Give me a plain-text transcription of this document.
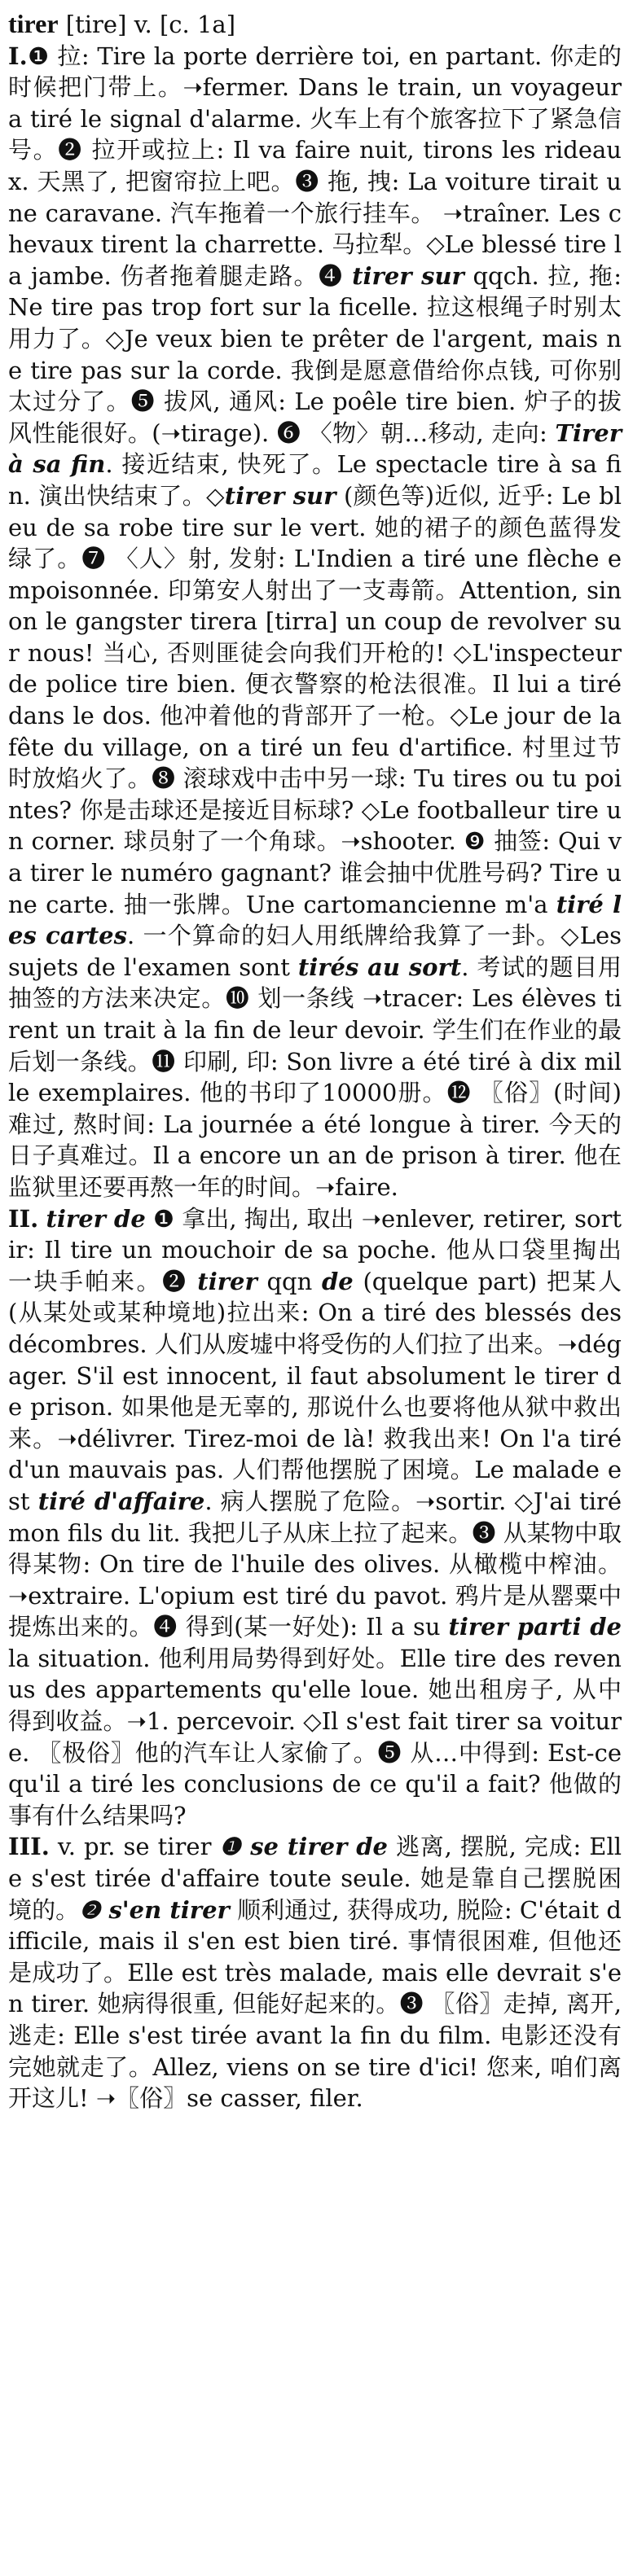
tirer [tire] v. [c. 1a]
I.❶ 拉: Tire la porte derrière toi, en partant. 你走的时候把门带上。➝fermer. Dans le train, un voyageur a tiré le signal d'alarme. 火车上有个旅客拉下了紧急信号。❷ 拉开或拉上: Il va faire nuit, tirons les rideaux. 天黑了, 把窗帘拉上吧。❸ 拖, 拽: La voiture tirait une caravane. 汽车拖着一个旅行挂车。 ➝traîner. Les chevaux tirent la charrette. 马拉犁。◇Le blessé tire la jambe. 伤者拖着腿走路。❹ tirer sur qqch. 拉, 拖: Ne tire pas trop fort sur la ficelle. 拉这根绳子时别太用力了。◇Je veux bien te prêter de l'argent, mais ne tire pas sur la corde. 我倒是愿意借给你点钱, 可你别太过分了。❺ 拔风, 通风: Le poêle tire bien. 炉子的拔风性能很好。(➝tirage). ❻ 〈物〉朝…移动, 走向: Tirer à sa fin. 接近结束, 快死了。Le spectacle tire à sa fin. 演出快结束了。◇tirer sur (颜色等)近似, 近乎: Le bleu de sa robe tire sur le vert. 她的裙子的颜色蓝得发绿了。❼ 〈人〉射, 发射: L'Indien a tiré une flèche empoisonnée. 印第安人射出了一支毒箭。Attention, sinon le gangster tirera [tirra] un coup de revolver sur nous! 当心, 否则匪徒会向我们开枪的! ◇L'inspecteur de police tire bien. 便衣警察的枪法很准。Il lui a tiré dans le dos. 他冲着他的背部开了一枪。◇Le jour de la fête du village, on a tiré un feu d'artifice. 村里过节时放焰火了。❽ 滚球戏中击中另一球: Tu tires ou tu pointes? 你是击球还是接近目标球? ◇Le footballeur tire un corner. 球员射了一个角球。➝shooter. ❾ 抽签: Qui va tirer le numéro gagnant? 谁会抽中优胜号码? Tire une carte. 抽一张牌。Une cartomancienne m'a tiré les cartes. 一个算命的妇人用纸牌给我算了一卦。◇Les sujets de l'examen sont tirés au sort. 考试的题目用抽签的方法来决定。❿ 划一条线 ➝tracer: Les élèves tirent un trait à la fin de leur devoir. 学生们在作业的最后划一条线。⓫ 印刷, 印: Son livre a été tiré à dix mille exemplaires. 他的书印了10000册。⓬ 〖俗〗(时间)难过, 熬时间: La journée a été longue à tirer. 今天的日子真难过。Il a encore un an de prison à tirer. 他在监狱里还要再熬一年的时间。➝faire.
II. tirer de ❶ 拿出, 掏出, 取出 ➝enlever, retirer, sortir: Il tire un mouchoir de sa poche. 他从口袋里掏出一块手帕来。❷ tirer qqn de (quelque part) 把某人(从某处或某种境地)拉出来: On a tiré des blessés des décombres. 人们从废墟中将受伤的人们拉了出来。➝dégager. S'il est innocent, il faut absolument le tirer de prison. 如果他是无辜的, 那说什么也要将他从狱中救出来。➝délivrer. Tirez-moi de là! 救我出来! On l'a tiré d'un mauvais pas. 人们帮他摆脱了困境。Le malade est tiré d'affaire. 病人摆脱了危险。➝sortir. ◇J'ai tiré mon fils du lit. 我把儿子从床上拉了起来。❸ 从某物中取得某物: On tire de l'huile des olives. 从橄榄中榨油。➝extraire. L'opium est tiré du pavot. 鸦片是从罂粟中提炼出来的。❹ 得到(某一好处): Il a su tirer parti de la situation. 他利用局势得到好处。Elle tire des revenus des appartements qu'elle loue. 她出租房子, 从中得到收益。➝1. percevoir. ◇Il s'est fait tirer sa voiture. 〖极俗〗他的汽车让人家偷了。❺ 从…中得到: Est-ce qu'il a tiré les conclusions de ce qu'il a fait? 他做的事有什么结果吗?
III. v. pr. se tirer ❶ se tirer de 逃离, 摆脱, 完成: Elle s'est tirée d'affaire toute seule. 她是靠自己摆脱困境的。❷ s'en tirer 顺利通过, 获得成功, 脱险: C'était difficile, mais il s'en est bien tiré. 事情很困难, 但他还是成功了。Elle est très malade, mais elle devrait s'en tirer. 她病得很重, 但能好起来的。❸ 〖俗〗走掉, 离开, 逃走: Elle s'est tirée avant la fin du film. 电影还没有完她就走了。Allez, viens on se tire d'ici! 您来, 咱们离开这儿! ➝〖俗〗se casser, filer.
